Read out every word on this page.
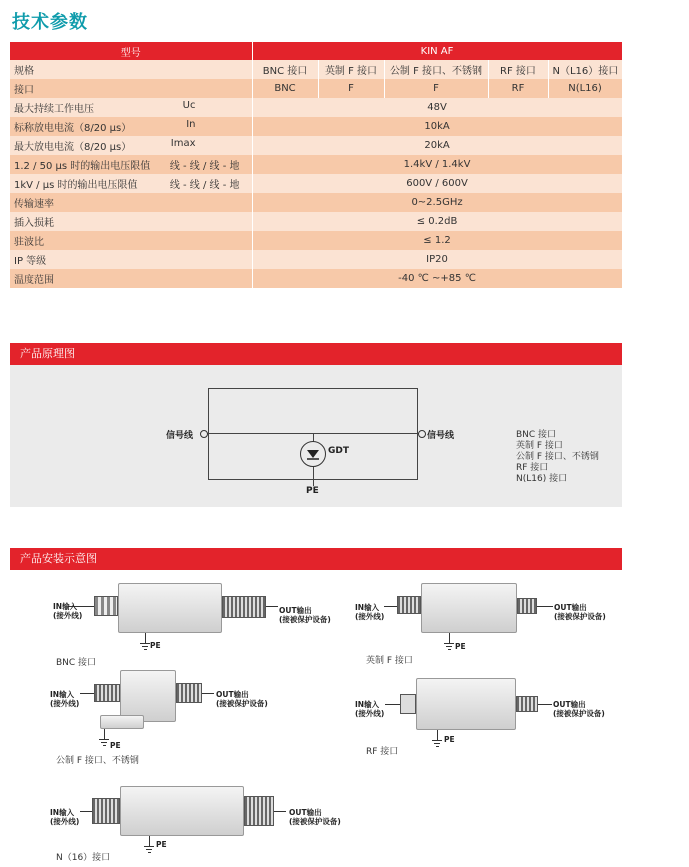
技术参数
型号	KIN AF				
规格	BNC 接口	英制 F 接口	公制 F 接口、不锈钢	RF 接口	N（L16）接口
接口	BNC	F	F	RF	N(L16)

最大持续工作电压 Uc	48V				

标称放电电流（8/20 μs） In	10kA				

最大放电电流（8/20 μs） Imax	20kA				

1.2 / 50 μs 时的输出电压限值 线 - 线 / 线 - 地	1.4kV / 1.4kV				

1kV / μs 时的输出电压限值 线 - 线 / 线 - 地	600V / 600V				
传输速率	0~2.5GHz				
插入损耗	≤ 0.2dB				
驻波比	≤ 1.2				
IP 等级	IP20				
温度范围	-40 ℃ ~+85 ℃				
产品原理图
信号线	信号线
GDT
PE
BNC 接口
英制 F 接口
公制 F 接口、不锈钢
RF 接口
N(L16) 接口
产品安装示意图
IN输入
(接外线)
OUT输出
(接被保护设备)
PE
BNC 接口
IN输入
(接外线)
OUT输出
(接被保护设备)
PE
英制 F 接口
IN输入
(接外线)
OUT输出
(接被保护设备)
PE
公制 F 接口、不锈钢
IN输入
(接外线)
OUT输出
(接被保护设备)
PE
RF 接口
IN输入
(接外线)
OUT输出
(接被保护设备)
PE
N（16）接口
